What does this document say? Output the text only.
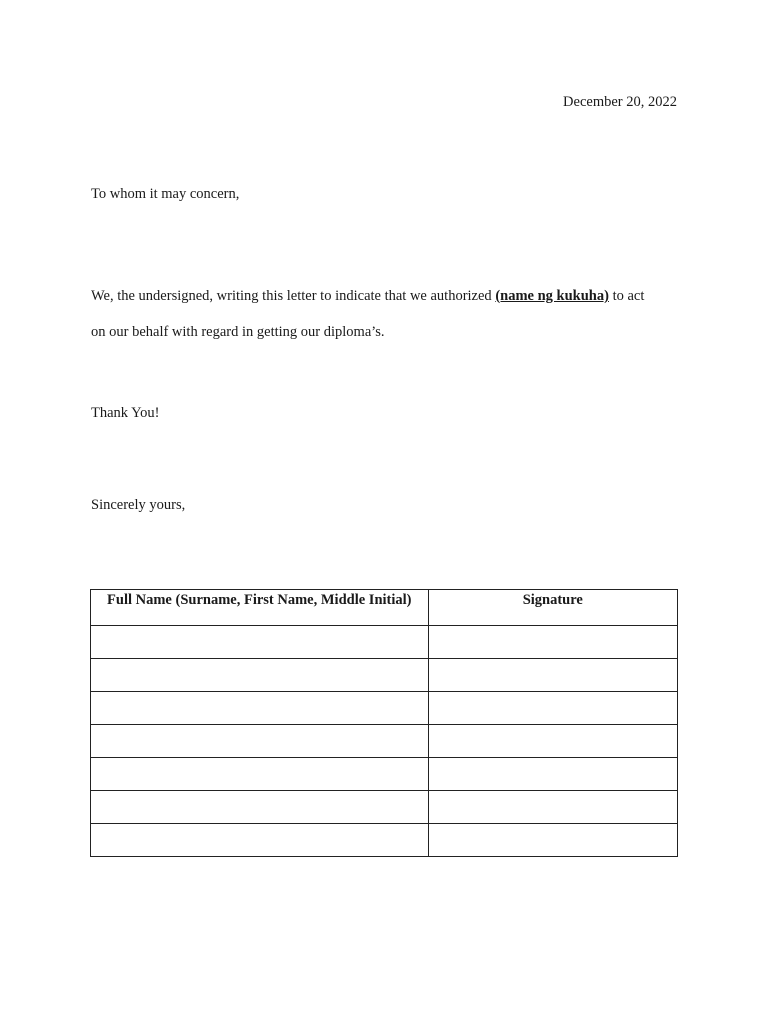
December 20, 2022
To whom it may concern,
We, the undersigned, writing this letter to indicate that we authorized (name ng kukuha) to act
on our behalf with regard in getting our diploma’s.
Thank You!
Sincerely yours,
Full Name (Surname, First Name, Middle Initial)	Signature
